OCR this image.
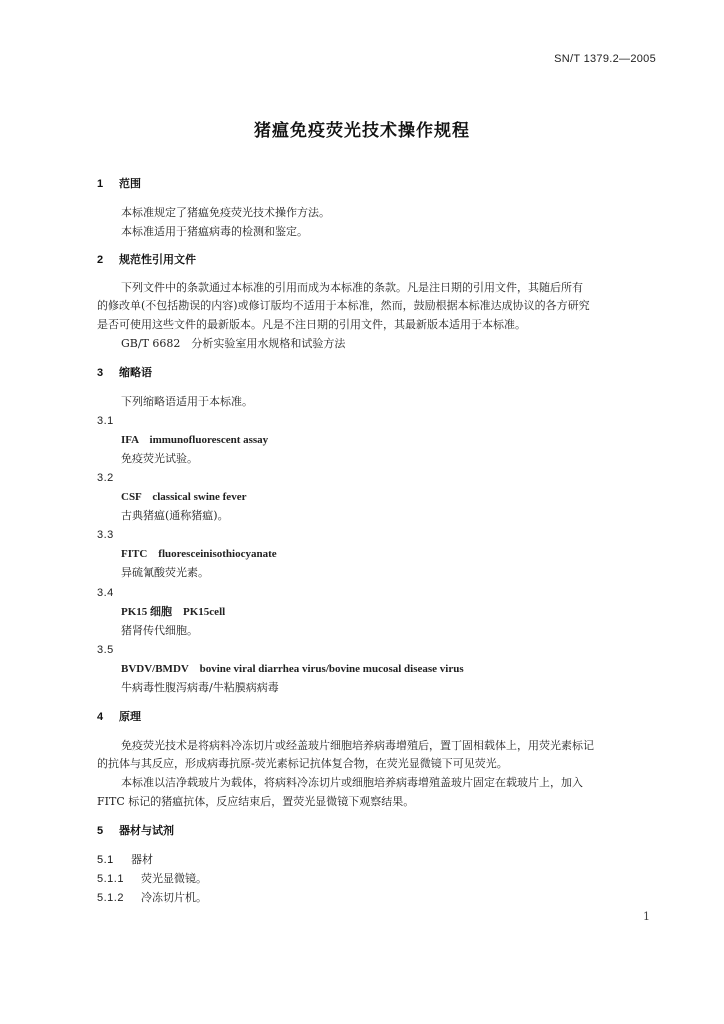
SN/T 1379.2—2005
猪瘟免疫荧光技术操作规程
1 范围
本标准规定了猪瘟免疫荧光技术操作方法。
本标准适用于猪瘟病毒的检测和鉴定。
2 规范性引用文件
下列文件中的条款通过本标准的引用而成为本标准的条款。凡是注日期的引用文件，其随后所有
的修改单(不包括勘误的内容)或修订版均不适用于本标准，然而，鼓励根据本标准达成协议的各方研究
是否可使用这些文件的最新版本。凡是不注日期的引用文件，其最新版本适用于本标准。
GB/T 6682　分析实验室用水规格和试验方法
3 缩略语
下列缩略语适用于本标准。
3.1
IFA　immunofluorescent assay
免疫荧光试验。
3.2
CSF　classical swine fever
古典猪瘟(通称猪瘟)。
3.3
FITC　fluoresceinisothiocyanate
异硫氰酸荧光素。
3.4
PK15 细胞　PK15cell
猪肾传代细胞。
3.5
BVDV/BMDV　bovine viral diarrhea virus/bovine mucosal disease virus
牛病毒性腹泻病毒/牛粘膜病病毒
4 原理
免疫荧光技术是将病料冷冻切片或经盖玻片细胞培养病毒增殖后，置丁固相载体上，用荧光素标记
的抗体与其反应，形成病毒抗原-荧光素标记抗体复合物，在荧光显微镜下可见荧光。
本标准以洁净载玻片为载体，将病料冷冻切片或细胞培养病毒增殖盖玻片固定在载玻片上，加入
FITC 标记的猪瘟抗体，反应结束后，置荧光显微镜下观察结果。
5 器材与试剂
5.1 器材
5.1.1 荧光显微镜。
5.1.2 冷冻切片机。
1
